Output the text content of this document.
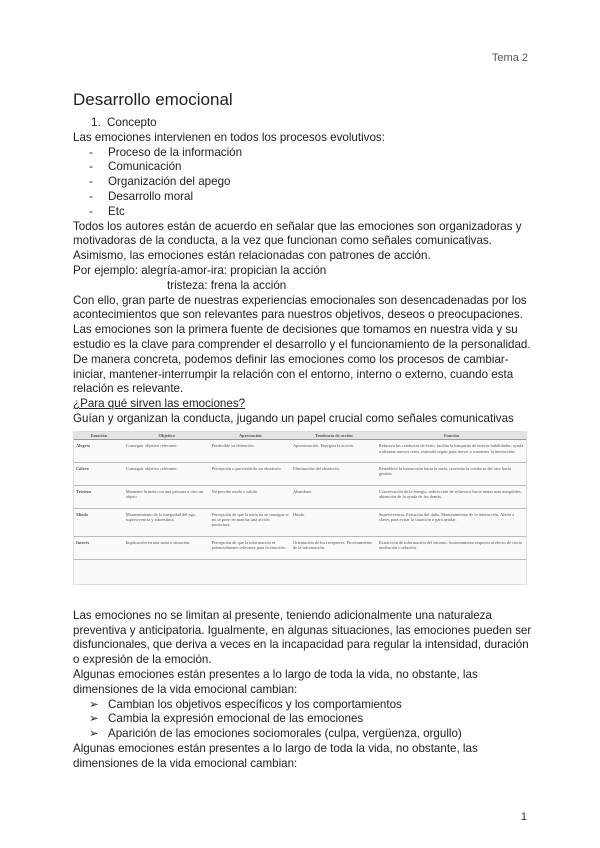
Tema 2
Desarrollo emocional
1. Concepto

Las emociones intervienen en todos los procesos evolutivos:

- Proceso de la información
- Comunicación
- Organización del apego
- Desarrollo moral
- Etc

Todos los autores están de acuerdo en señalar que las emociones son organizadoras y motivadoras de la conducta, a la vez que funcionan como señales comunicativas. Asimismo, las emociones están relacionadas con patrones de acción.

Por ejemplo: alegría-amor-ira: propician la acción

tristeza: frena la acción

Con ello, gran parte de nuestras experiencias emocionales son desencadenadas por los acontecimientos que son relevantes para nuestros objetivos, deseos o preocupaciones.

Las emociones son la primera fuente de decisiones que tomamos en nuestra vida y su estudio es la clave para comprender el desarrollo y el funcionamiento de la personalidad.

De manera concreta, podemos definir las emociones como los procesos de cambiar-iniciar, mantener-interrumpir la relación con el entorno, interno o externo, cuando esta relación es relevante.

¿Para qué sirven las emociones?

Guían y organizan la conducta, jugando un papel crucial como señales comunicativas

Emoción	Objetivo	Apreciación	Tendencia de acción	Función
Alegría	Conseguir objetivo relevante.	Predecible su obtención.	Aproximación. Energiza la acción.	Refuerza las conductas de éxito; facilita la búsqueda de nuevas habilidades; ayuda a afrontar nuevos retos, estimula seguir para mover o mantener la interacción.
Cólera	Conseguir objetivo relevante.	Percepción o provisión de un obstáculo.	Eliminación del obstáculo.	Restablece la interacción hacia la meta; reorienta la conducta del otro hacia gestión.
Tristeza	Mantener la meta con una persona u otro un objeto.	No percibe modo o salida.	Abandono.	Conservación de la energía, redirección de esfuerzos hacia metas más asequibles; obtención de la ayuda de los demás.
Miedo	Mantenimiento de la integridad del ego, supervivencia y autoestima.	Percepción de que la meta no se consigue si no se pone en marcha una acción protectora.	Huida.	Supervivencia. Evitación del daño. Mantenimiento de la interacción. Alerta a claves para evitar la situación o para ayudar.
Interés	Implicación en una tarea o situación.	Percepción de que la información es potencialmente relevante para la emoción.	Orientación de los receptores. Procesamiento de la información.	Extracción de información del entorno. Sostenimiento respecto al efecto de cierta mediación o relación.

Las emociones no se limitan al presente, teniendo adicionalmente una naturaleza preventiva y anticipatoria. Igualmente, en algunas situaciones, las emociones pueden ser disfuncionales, que deriva a veces en la incapacidad para regular la intensidad, duración o expresión de la emoción.

Algunas emociones están presentes a lo largo de toda la vida, no obstante, las dimensiones de la vida emocional cambian:

➢ Cambian los objetivos específicos y los comportamientos
➢ Cambia la expresión emocional de las emociones
➢ Aparición de las emociones sociomorales (culpa, vergüenza, orgullo)

Algunas emociones están presentes a lo largo de toda la vida, no obstante, las dimensiones de la vida emocional cambian:

1
